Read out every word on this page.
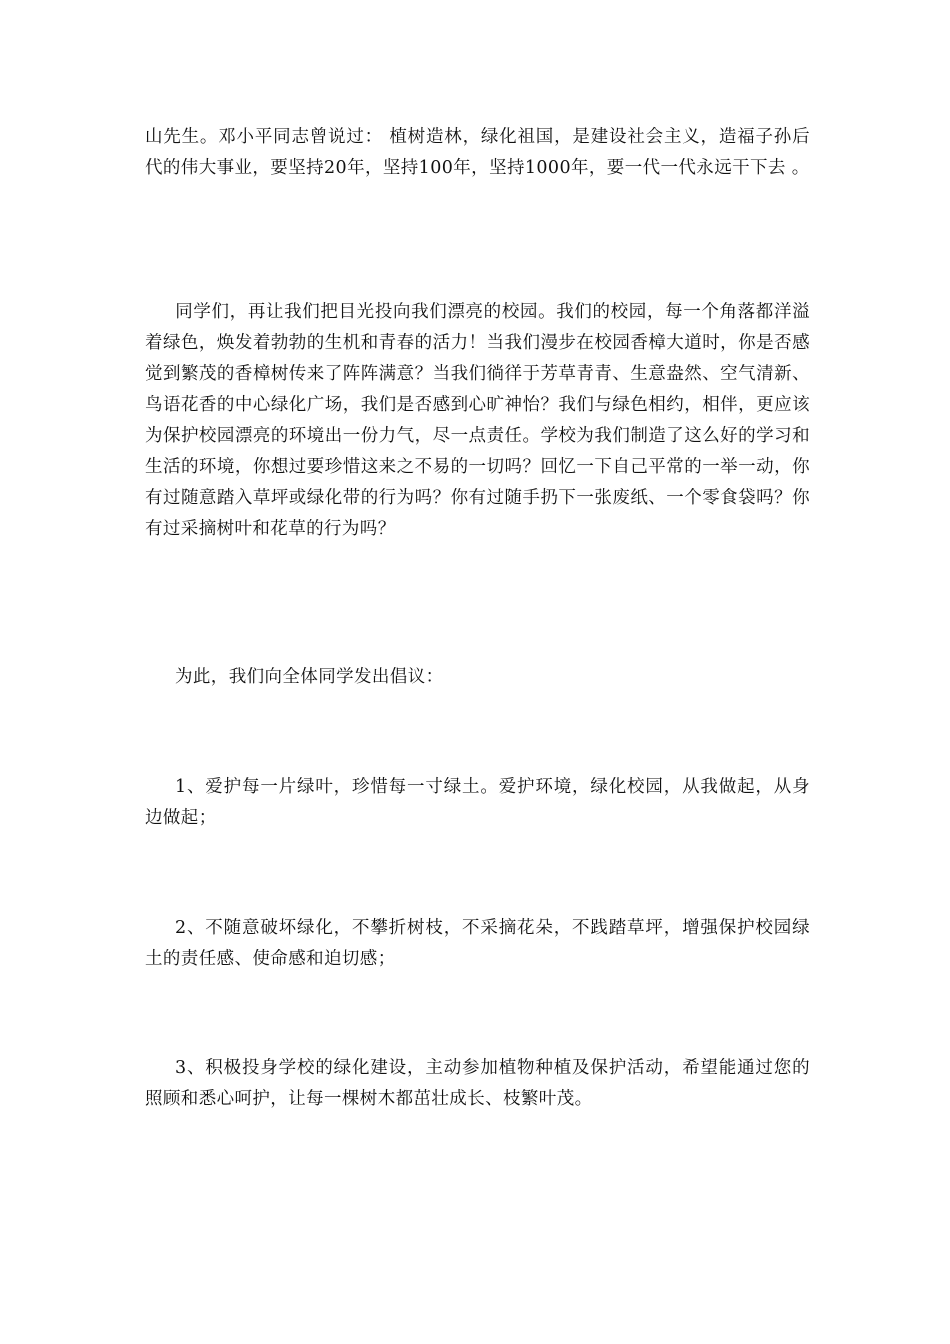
山先生。邓小平同志曾说过： 植树造林，绿化祖国，是建设社会主义，造福子孙后代的伟大事业，要坚持20年，坚持100年，坚持1000年，要一代一代永远干下去 。

同学们，再让我们把目光投向我们漂亮的校园。我们的校园，每一个角落都洋溢着绿色，焕发着勃勃的生机和青春的活力！当我们漫步在校园香樟大道时，你是否感觉到繁茂的香樟树传来了阵阵满意？当我们徜徉于芳草青青、生意盎然、空气清新、鸟语花香的中心绿化广场，我们是否感到心旷神怡？我们与绿色相约，相伴，更应该为保护校园漂亮的环境出一份力气，尽一点责任。学校为我们制造了这么好的学习和生活的环境，你想过要珍惜这来之不易的一切吗？回忆一下自己平常的一举一动，你有过随意踏入草坪或绿化带的行为吗？你有过随手扔下一张废纸、一个零食袋吗？你有过采摘树叶和花草的行为吗？

为此，我们向全体同学发出倡议：

1、爱护每一片绿叶，珍惜每一寸绿土。爱护环境，绿化校园，从我做起，从身边做起；

2、不随意破坏绿化，不攀折树枝，不采摘花朵，不践踏草坪，增强保护校园绿土的责任感、使命感和迫切感；

3、积极投身学校的绿化建设，主动参加植物种植及保护活动，希望能通过您的照顾和悉心呵护，让每一棵树木都茁壮成长、枝繁叶茂。
